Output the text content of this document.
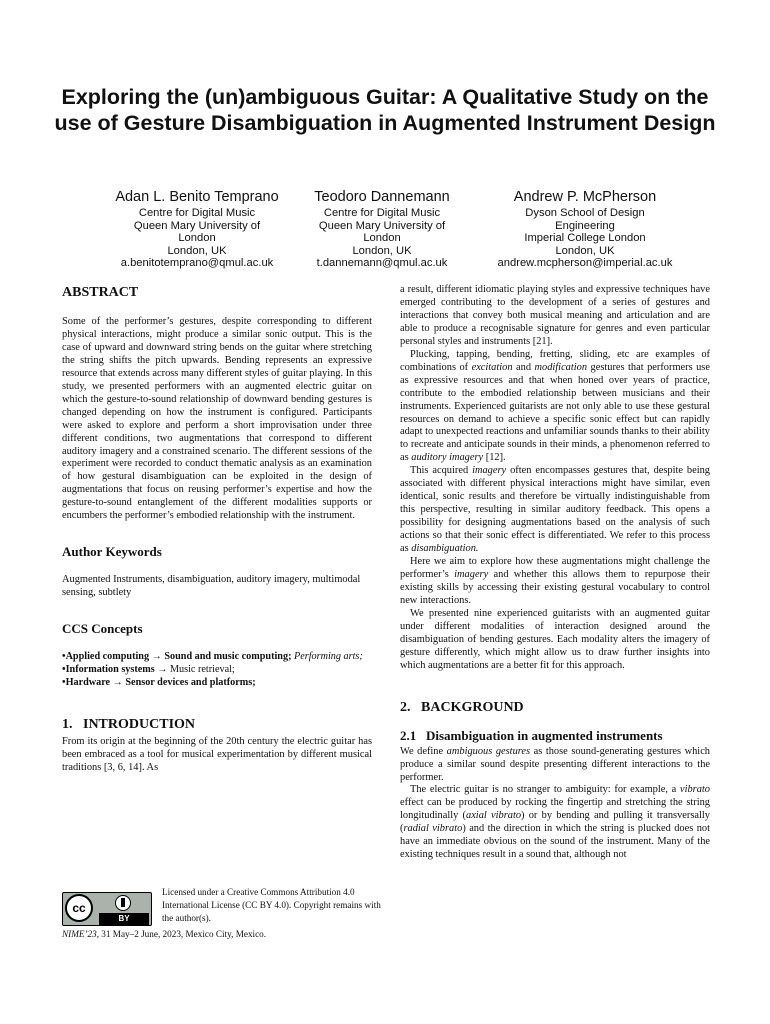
Exploring the (un)ambiguous Guitar: A Qualitative Study on the use of Gesture Disambiguation in Augmented Instrument Design
Adan L. Benito Temprano
Centre for Digital Music
Queen Mary University of
London
London, UK
a.benitotemprano@qmul.ac.uk
Teodoro Dannemann
Centre for Digital Music
Queen Mary University of
London
London, UK
t.dannemann@qmul.ac.uk
Andrew P. McPherson
Dyson School of Design
Engineering
Imperial College London
London, UK
andrew.mcpherson@imperial.ac.uk
ABSTRACT

Some of the performer’s gestures, despite corresponding to different physical interactions, might produce a similar sonic output. This is the case of upward and downward string bends on the guitar where stretching the string shifts the pitch upwards. Bending represents an expressive resource that extends across many different styles of guitar playing. In this study, we presented performers with an augmented electric guitar on which the gesture-to-sound relationship of downward bending gestures is changed depending on how the instrument is configured. Participants were asked to explore and perform a short improvisation under three different conditions, two augmentations that correspond to different auditory imagery and a constrained scenario. The different sessions of the experiment were recorded to conduct thematic analysis as an examination of how gestural disambiguation can be exploited in the design of augmentations that focus on reusing performer’s expertise and how the gesture-to-sound entanglement of the different modalities supports or encumbers the performer’s embodied relationship with the instrument.

Author Keywords

Augmented Instruments, disambiguation, auditory imagery, multimodal sensing, subtlety

CCS Concepts

•Applied computing → Sound and music computing; Performing arts; •Information systems → Music retrieval;
•Hardware → Sensor devices and platforms;

1. INTRODUCTION

From its origin at the beginning of the 20th century the electric guitar has been embraced as a tool for musical experimentation by different musical traditions [3, 6, 14]. As

cc
BY
Licensed under a Creative Commons Attribution 4.0 International License (CC BY 4.0). Copyright remains with the author(s).
NIME’23, 31 May–2 June, 2023, Mexico City, Mexico.

a result, different idiomatic playing styles and expressive techniques have emerged contributing to the development of a series of gestures and interactions that convey both musical meaning and articulation and are able to produce a recognisable signature for genres and even particular personal styles and instruments [21].

Plucking, tapping, bending, fretting, sliding, etc are examples of combinations of excitation and modification gestures that performers use as expressive resources and that when honed over years of practice, contribute to the embodied relationship between musicians and their instruments. Experienced guitarists are not only able to use these gestural resources on demand to achieve a specific sonic effect but can rapidly adapt to unexpected reactions and unfamiliar sounds thanks to their ability to recreate and anticipate sounds in their minds, a phenomenon referred to as auditory imagery [12].

This acquired imagery often encompasses gestures that, despite being associated with different physical interactions might have similar, even identical, sonic results and therefore be virtually indistinguishable from this perspective, resulting in similar auditory feedback. This opens a possibility for designing augmentations based on the analysis of such actions so that their sonic effect is differentiated. We refer to this process as disambiguation.

Here we aim to explore how these augmentations might challenge the performer’s imagery and whether this allows them to repurpose their existing skills by accessing their existing gestural vocabulary to control new interactions.

We presented nine experienced guitarists with an augmented guitar under different modalities of interaction designed around the disambiguation of bending gestures. Each modality alters the imagery of gesture differently, which might allow us to draw further insights into which augmentations are a better fit for this approach.

2. BACKGROUND
2.1 Disambiguation in augmented instruments

We define ambiguous gestures as those sound-generating gestures which produce a similar sound despite presenting different interactions to the performer.

The electric guitar is no stranger to ambiguity: for example, a vibrato effect can be produced by rocking the fingertip and stretching the string longitudinally (axial vibrato) or by bending and pulling it transversally (radial vibrato) and the direction in which the string is plucked does not have an immediate obvious on the sound of the instrument. Many of the existing techniques result in a sound that, although not
